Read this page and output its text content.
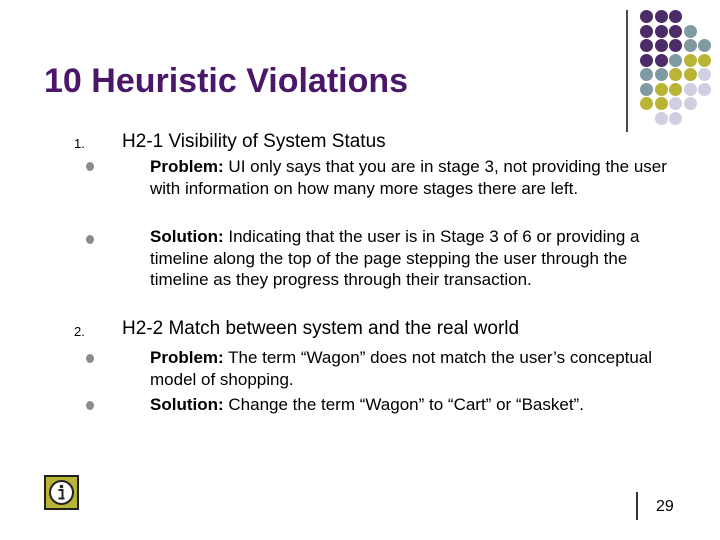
10 Heuristic Violations
1. H2-1 Visibility of System Status
Problem: UI only says that you are in stage 3, not providing the user with information on how many more stages there are left.
Solution: Indicating that the user is in Stage 3 of 6 or providing a timeline along the top of the page stepping the user through the timeline as they progress through their transaction.
2. H2-2 Match between system and the real world
Problem: The term “Wagon” does not match the user’s conceptual model of shopping.
Solution: Change the term “Wagon” to “Cart” or “Basket”.
29
